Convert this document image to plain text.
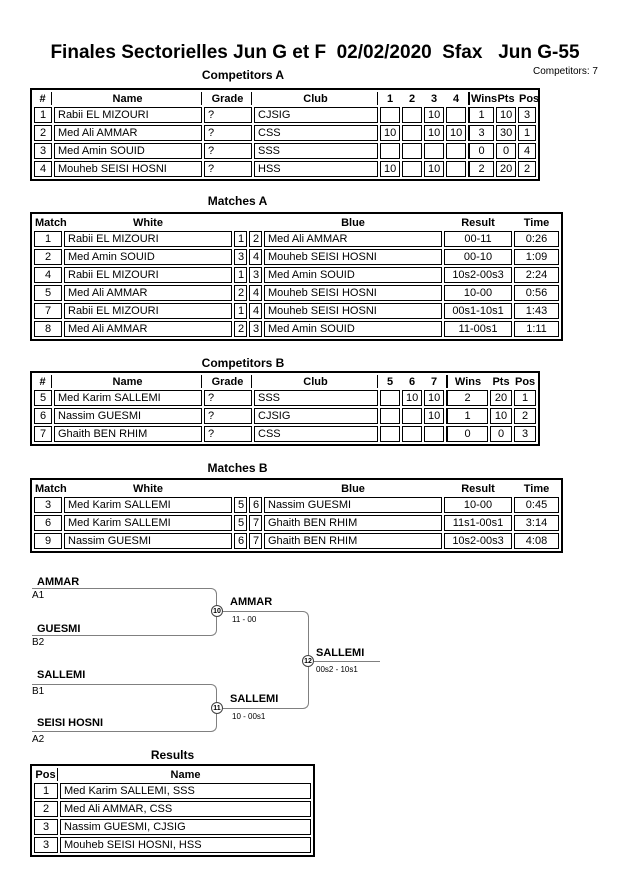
Finales Sectorielles Jun G et F  02/02/2020  Sfax   Jun G-55
Competitors: 7
Competitors A
#	Name	Grade	Club	1	2	3	4	Wins	Pts	Pos
1	Rabii EL MIZOURI	?	CJSIG			10		1	10	3
2	Med Ali AMMAR	?	CSS	10		10	10	3	30	1
3	Med Amin SOUID	?	SSS					0	0	4
4	Mouheb SEISI HOSNI	?	HSS	10		10		2	20	2
Matches A
Match	White			Blue	Result	Time
1	Rabii EL MIZOURI	1	2	Med Ali AMMAR	00-11	0:26
2	Med Amin SOUID	3	4	Mouheb SEISI HOSNI	00-10	1:09
4	Rabii EL MIZOURI	1	3	Med Amin SOUID	10s2-00s3	2:24
5	Med Ali AMMAR	2	4	Mouheb SEISI HOSNI	10-00	0:56
7	Rabii EL MIZOURI	1	4	Mouheb SEISI HOSNI	00s1-10s1	1:43
8	Med Ali AMMAR	2	3	Med Amin SOUID	11-00s1	1:11
Competitors B
#	Name	Grade	Club	5	6	7	Wins	Pts	Pos
5	Med Karim SALLEMI	?	SSS		10	10	2	20	1
6	Nassim GUESMI	?	CJSIG			10	1	10	2
7	Ghaith BEN RHIM	?	CSS				0	0	3
Matches B
Match	White			Blue	Result	Time
3	Med Karim SALLEMI	5	6	Nassim GUESMI	10-00	0:45
6	Med Karim SALLEMI	5	7	Ghaith BEN RHIM	11s1-00s1	3:14
9	Nassim GUESMI	6	7	Ghaith BEN RHIM	10s2-00s3	4:08
AMMAR
A1
GUESMI
B2
AMMAR
11 - 00
10
SALLEMI
00s2 - 10s1
12
SALLEMI
B1
SEISI HOSNI
A2
SALLEMI
10 - 00s1
11
Results
Pos	Name
1	Med Karim SALLEMI, SSS
2	Med Ali AMMAR, CSS
3	Nassim GUESMI, CJSIG
3	Mouheb SEISI HOSNI, HSS
